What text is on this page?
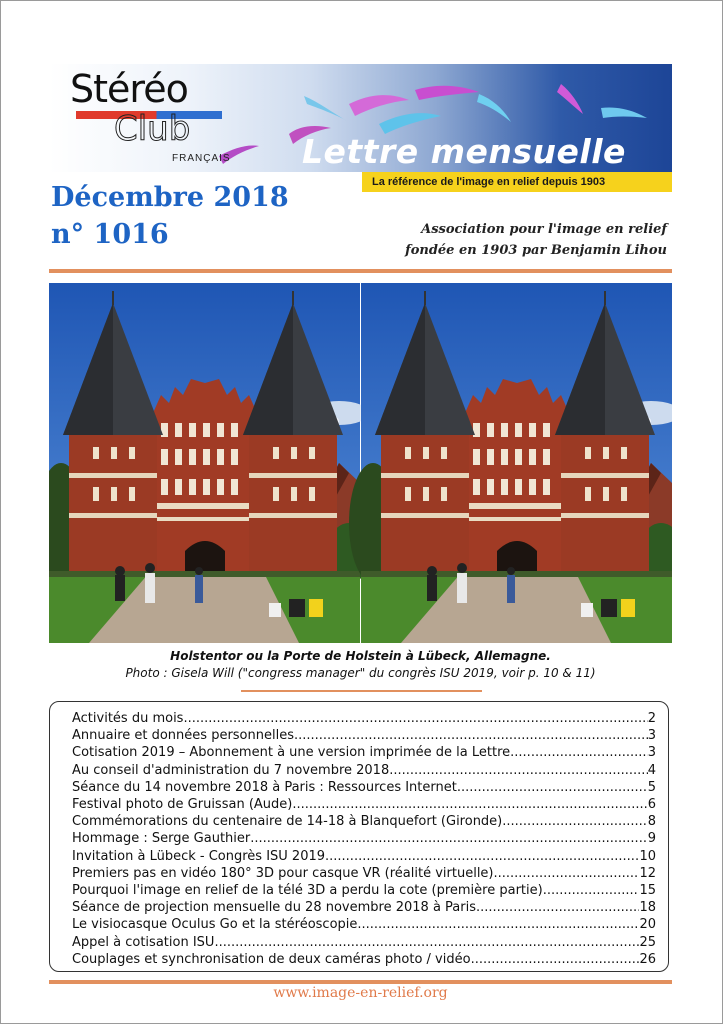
Stéréo
Club
FRANÇAIS Lettre mensuelle
La référence de l'image en relief depuis 1903
Décembre 2018
n° 1016	Association pour l'image en relief
fondée en 1903 par Benjamin Lihou
Holstentor ou la Porte de Holstein à Lübeck, Allemagne.
Photo : Gisela Will ("congress manager" du congrès ISU 2019, voir p. 10 & 11)
Activités du mois .....	2
Annuaire et données personnelles .....	3
Cotisation 2019 – Abonnement à une version imprimée de la Lettre .....	3
Au conseil d'administration du 7 novembre 2018 .....	4
Séance du 14 novembre 2018 à Paris : Ressources Internet .....	5
Festival photo de Gruissan (Aude) .....	6
Commémorations du centenaire de 14-18 à Blanquefort (Gironde) .....	8
Hommage : Serge Gauthier .....	9
Invitation à Lübeck - Congrès ISU 2019 .....	10
Premiers pas en vidéo 180° 3D pour casque VR (réalité virtuelle) .....	12
Pourquoi l'image en relief de la télé 3D a perdu la cote (première partie) .....	15
Séance de projection mensuelle du 28 novembre 2018 à Paris .....	18
Le visiocasque Oculus Go et la stéréoscopie .....	20
Appel à cotisation ISU .....	25
Couplages et synchronisation de deux caméras photo / vidéo .....	26
www.image-en-relief.org
